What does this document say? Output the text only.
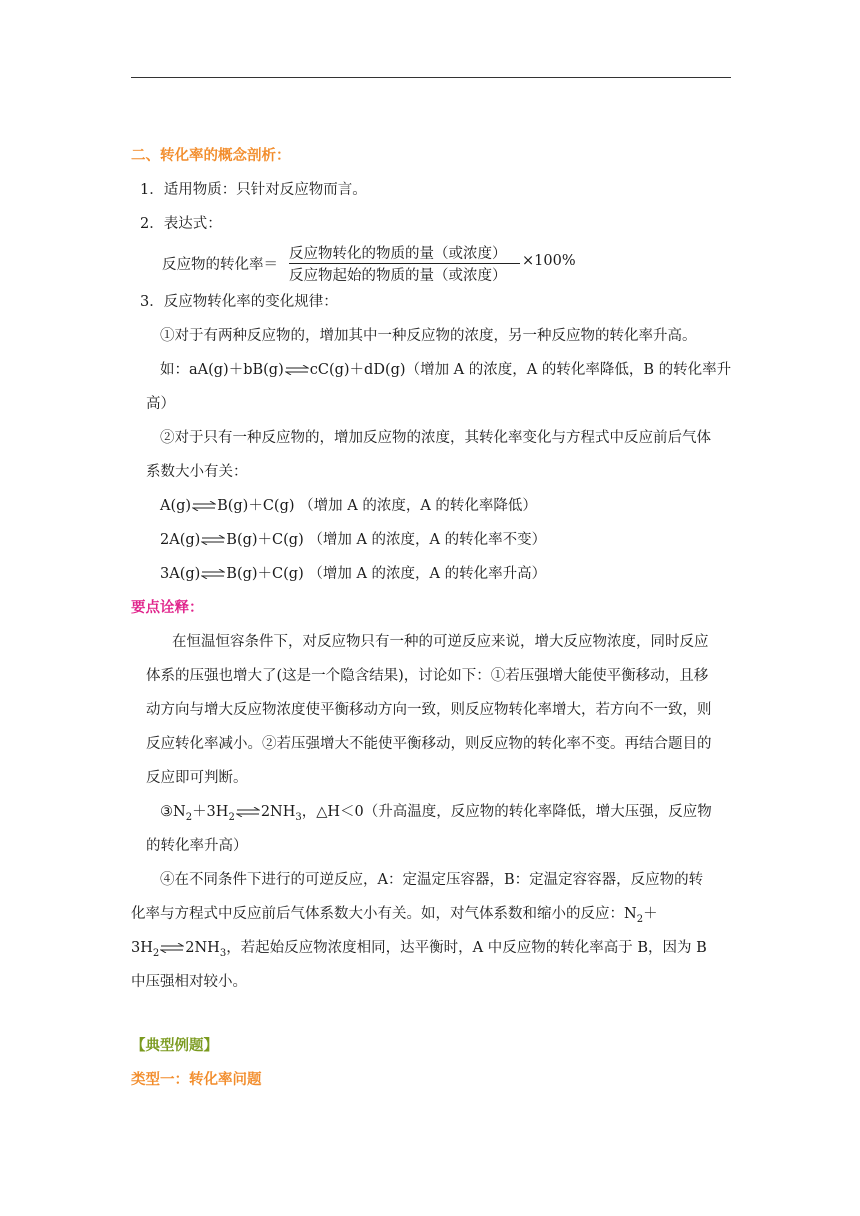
二、转化率的概念剖析：
1．适用物质：只针对反应物而言。
2．表达式：
反应物的转化率＝
反应物转化的物质的量（或浓度）
反应物起始的物质的量（或浓度）
×100%
3．反应物转化率的变化规律：
①对于有两种反应物的，增加其中一种反应物的浓度，另一种反应物的转化率升高。
如：aA(g)＋bB(g)⇌cC(g)＋dD(g)（增加 A 的浓度，A 的转化率降低，B 的转化率升
高）
②对于只有一种反应物的，增加反应物的浓度，其转化率变化与方程式中反应前后气体
系数大小有关：
A(g)⇌B(g)＋C(g) （增加 A 的浓度，A 的转化率降低）
2A(g)⇌B(g)＋C(g) （增加 A 的浓度，A 的转化率不变）
3A(g)⇌B(g)＋C(g) （增加 A 的浓度，A 的转化率升高）
要点诠释：
在恒温恒容条件下，对反应物只有一种的可逆反应来说，增大反应物浓度，同时反应
体系的压强也增大了(这是一个隐含结果)，讨论如下：①若压强增大能使平衡移动，且移
动方向与增大反应物浓度使平衡移动方向一致，则反应物转化率增大，若方向不一致，则
反应转化率减小。②若压强增大不能使平衡移动，则反应物的转化率不变。再结合题目的
反应即可判断。
$③N_2+3H_2\rightleftharpoons 2NH_3$，△H＜0（升高温度，反应物的转化率降低，增大压强，反应物
的转化率升高）
④在不同条件下进行的可逆反应，A：定温定压容器，B：定温定容容器，反应物的转
化率与方程式中反应前后气体系数大小有关。如，对气体系数和缩小的反应：$N_2+$
$3H_2\rightleftharpoons 2NH_3$，若起始反应物浓度相同，达平衡时，A 中反应物的转化率高于 B，因为 B
中压强相对较小。
【典型例题】
类型一：转化率问题
